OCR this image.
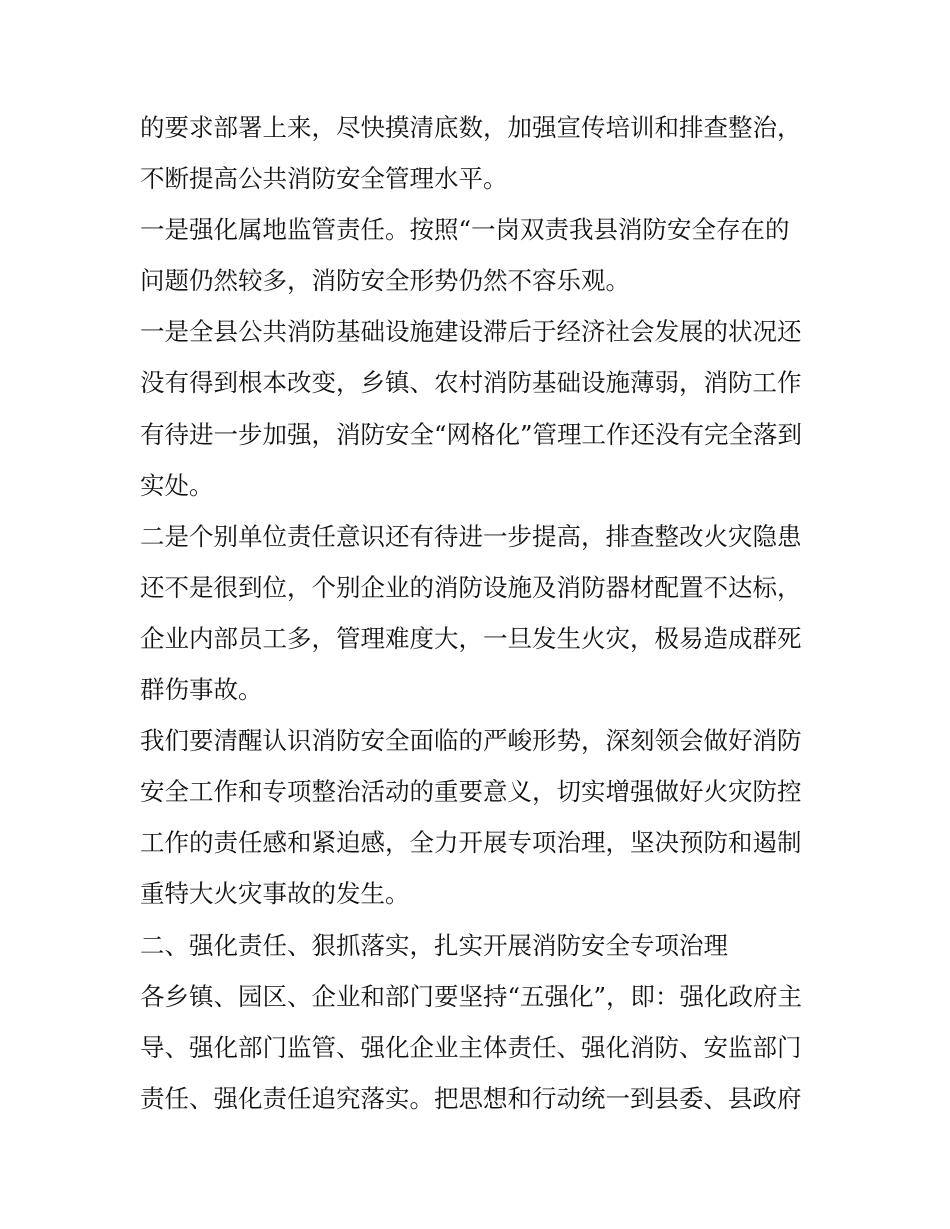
的要求部署上来，尽快摸清底数，加强宣传培训和排查整治，
不断提高公共消防安全管理水平。
一是强化属地监管责任。按照“一岗双责我县消防安全存在的
问题仍然较多，消防安全形势仍然不容乐观。
一是全县公共消防基础设施建设滞后于经济社会发展的状况还
没有得到根本改变，乡镇、农村消防基础设施薄弱，消防工作
有待进一步加强，消防安全“网格化”管理工作还没有完全落到
实处。
二是个别单位责任意识还有待进一步提高，排查整改火灾隐患
还不是很到位，个别企业的消防设施及消防器材配置不达标，
企业内部员工多，管理难度大，一旦发生火灾，极易造成群死
群伤事故。
我们要清醒认识消防安全面临的严峻形势，深刻领会做好消防
安全工作和专项整治活动的重要意义，切实增强做好火灾防控
工作的责任感和紧迫感，全力开展专项治理，坚决预防和遏制
重特大火灾事故的发生。
二、强化责任、狠抓落实，扎实开展消防安全专项治理
各乡镇、园区、企业和部门要坚持“五强化”，即：强化政府主
导、强化部门监管、强化企业主体责任、强化消防、安监部门
责任、强化责任追究落实。把思想和行动统一到县委、县政府
